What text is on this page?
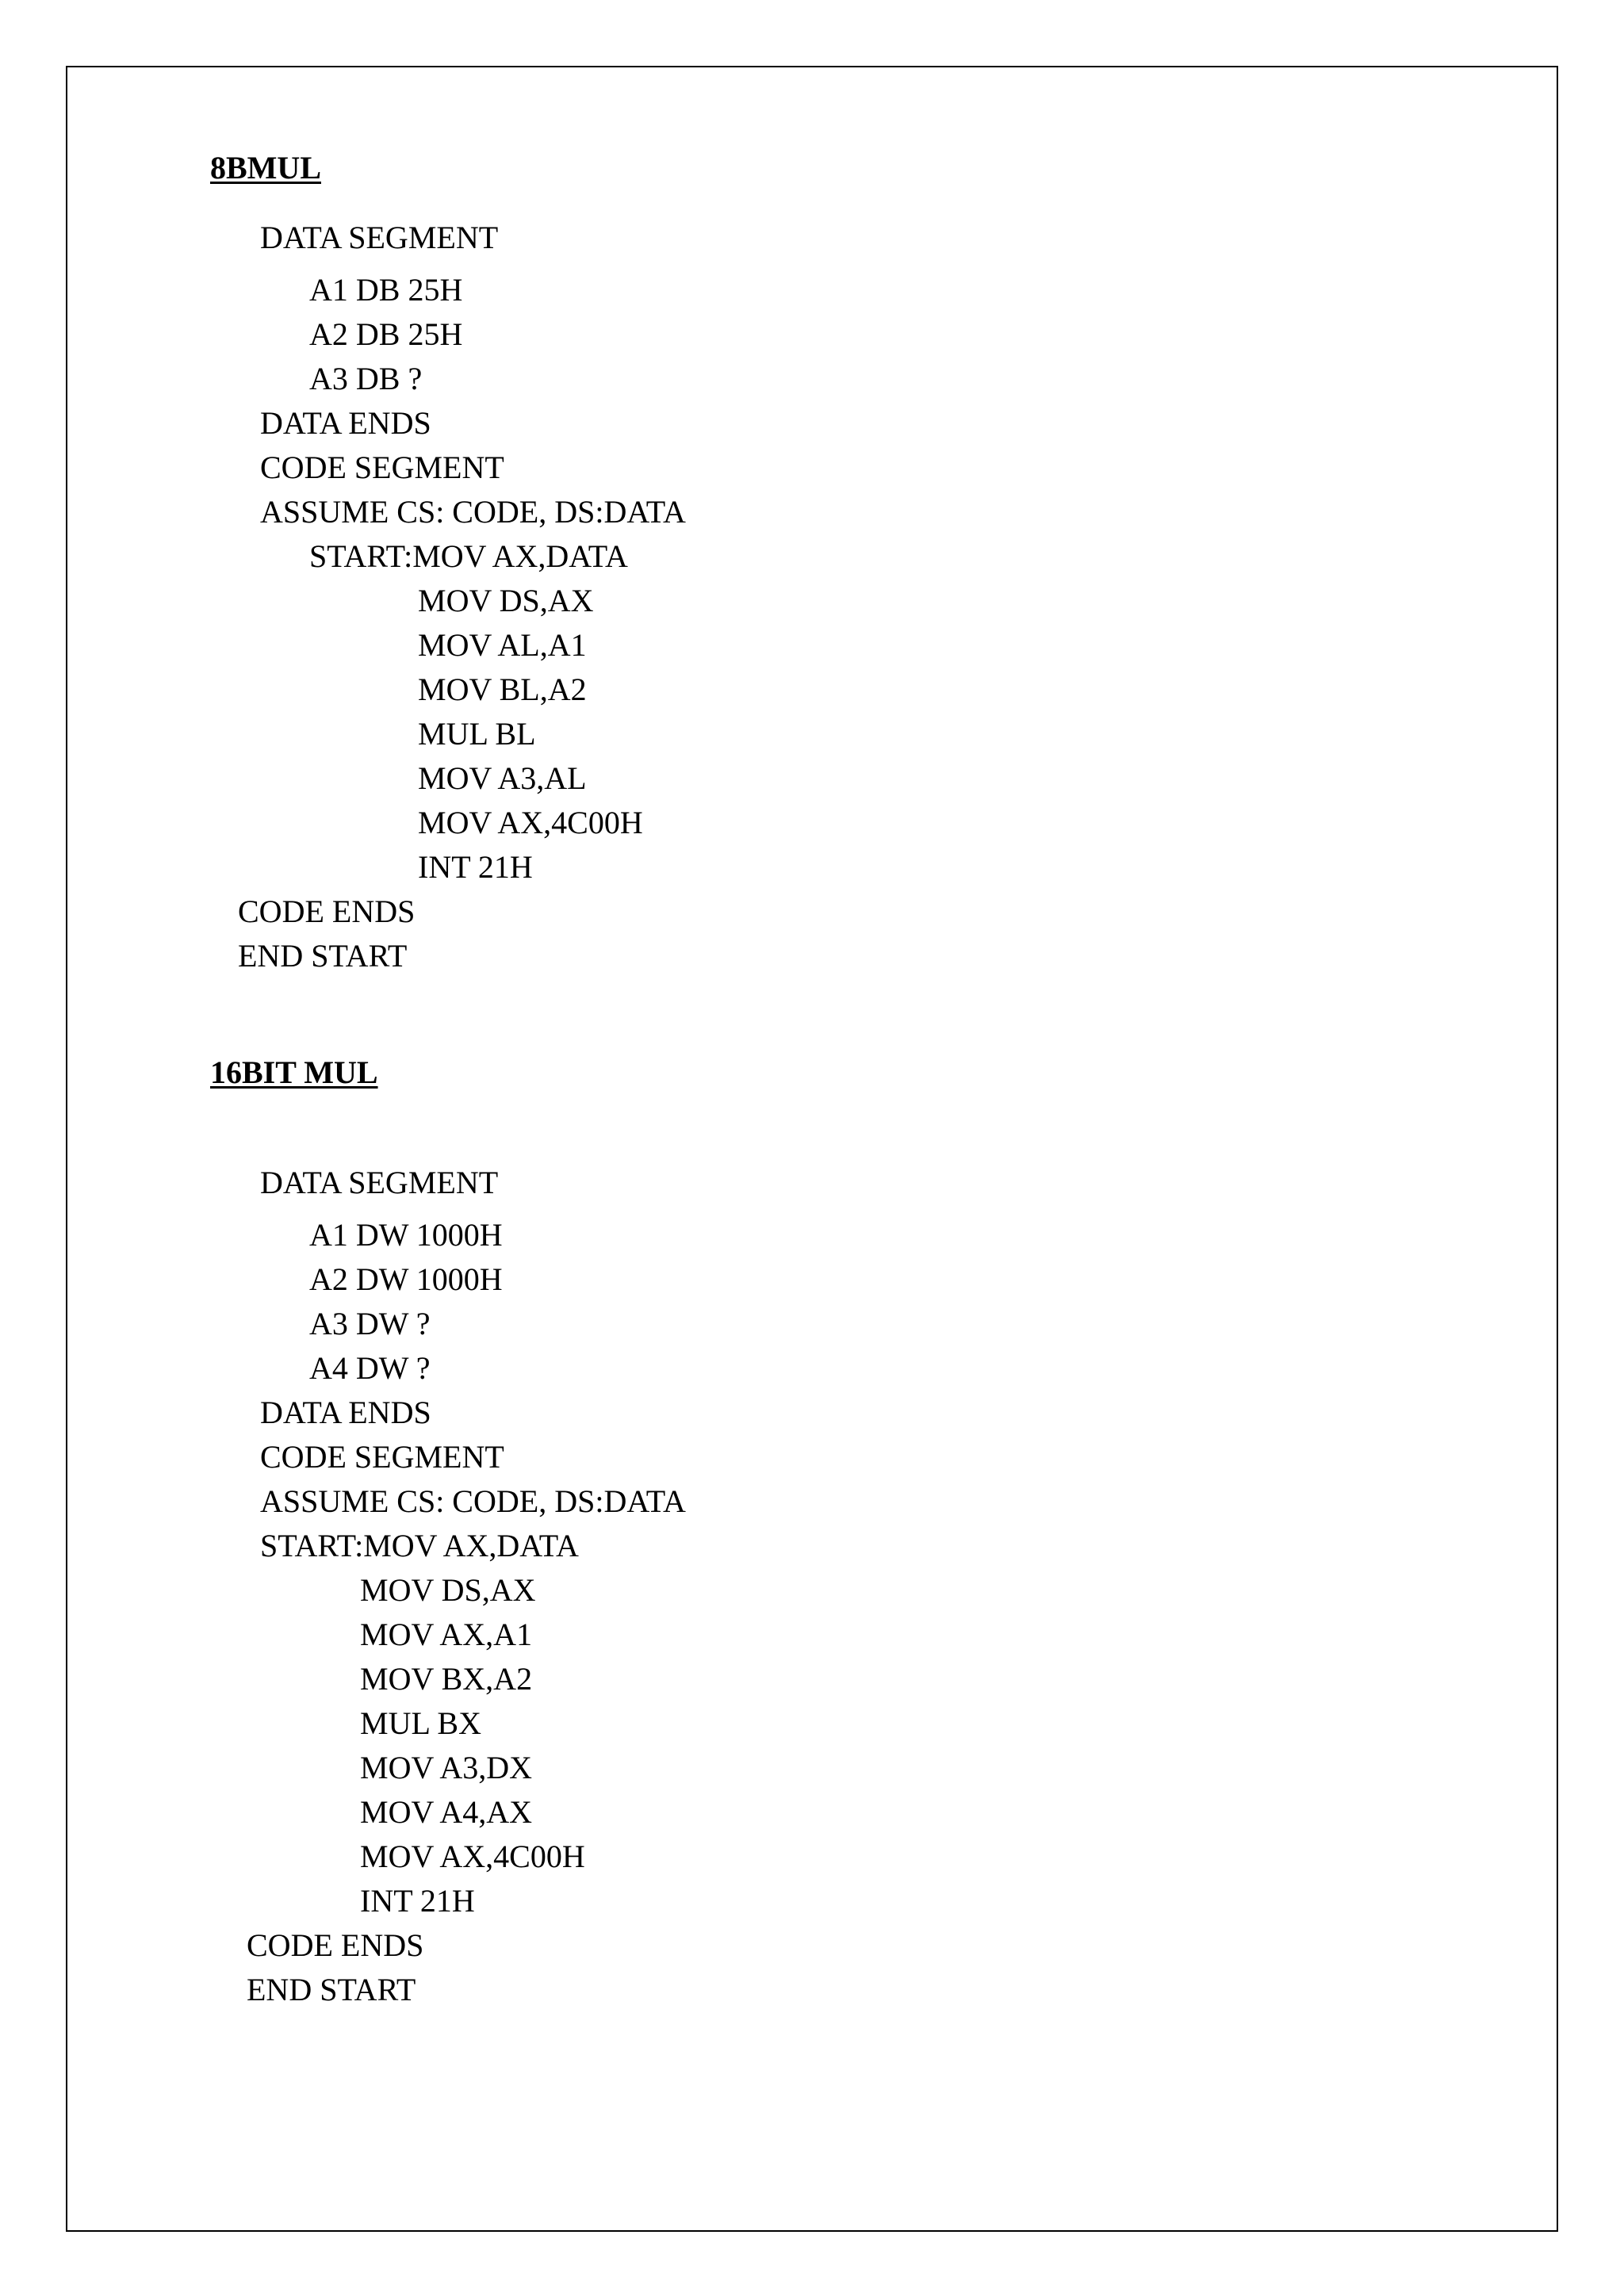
8BMUL
DATA SEGMENT
A1 DB 25H
A2 DB 25H
A3 DB ?
DATA ENDS
CODE SEGMENT
ASSUME CS: CODE, DS:DATA
START:MOV AX,DATA
MOV DS,AX
MOV AL,A1
MOV BL,A2
MUL BL
MOV A3,AL
MOV AX,4C00H
INT 21H
CODE ENDS
END START
16BIT MUL
DATA SEGMENT
A1 DW 1000H
A2 DW 1000H
A3 DW ?
A4 DW ?
DATA ENDS
CODE SEGMENT
ASSUME CS: CODE, DS:DATA
START:MOV AX,DATA
MOV DS,AX
MOV AX,A1
MOV BX,A2
MUL BX
MOV A3,DX
MOV A4,AX
MOV AX,4C00H
INT 21H
CODE ENDS
END START
